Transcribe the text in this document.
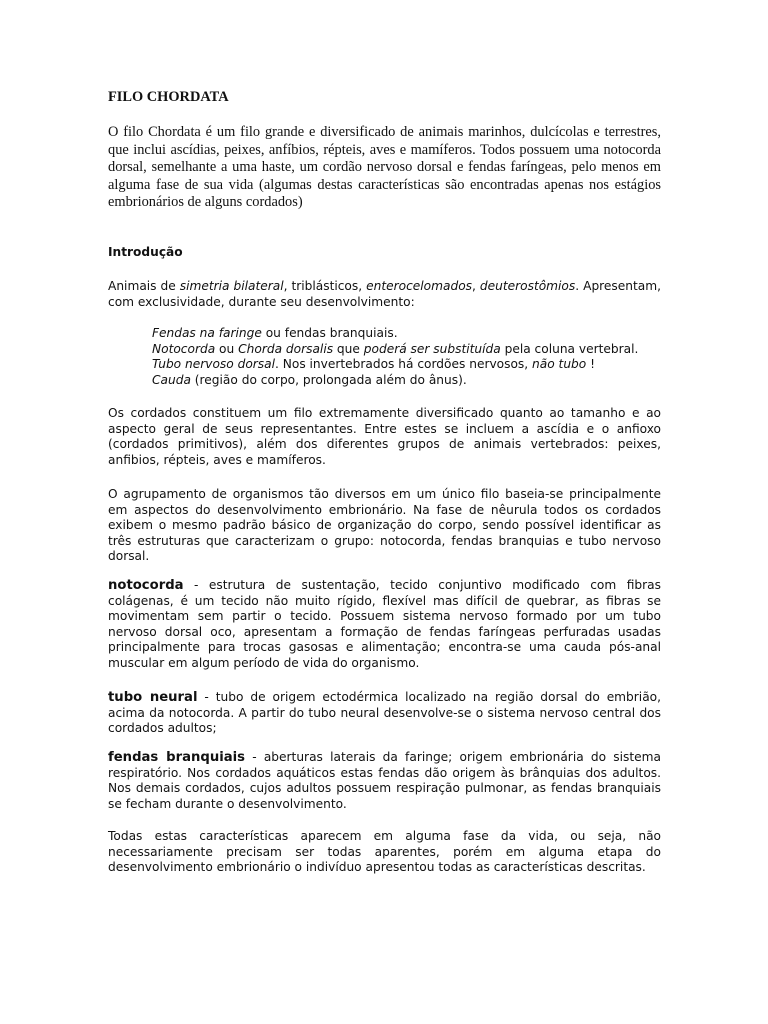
FILO CHORDATA

O filo Chordata é um filo grande e diversificado de animais marinhos, dulcícolas e terrestres, que inclui ascídias, peixes, anfíbios, répteis, aves e mamíferos. Todos possuem uma notocorda dorsal, semelhante a uma haste, um cordão nervoso dorsal e fendas faríngeas, pelo menos em alguma fase de sua vida (algumas destas características são encontradas apenas nos estágios embrionários de alguns cordados)

Introdução

Animais de simetria bilateral, triblásticos, enterocelomados, deuterostômios. Apresentam, com exclusividade, durante seu desenvolvimento:

Fendas na faringe ou fendas branquiais.
Notocorda ou Chorda dorsalis que poderá ser substituída pela coluna vertebral.
Tubo nervoso dorsal. Nos invertebrados há cordões nervosos, não tubo !
Cauda (região do corpo, prolongada além do ânus).

Os cordados constituem um filo extremamente diversificado quanto ao tamanho e ao aspecto geral de seus representantes. Entre estes se incluem a ascídia e o anfioxo (cordados primitivos), além dos diferentes grupos de animais vertebrados: peixes, anfibios, répteis, aves e mamíferos.

O agrupamento de organismos tão diversos em um único filo baseia-se principalmente em aspectos do desenvolvimento embrionário. Na fase de nêurula todos os cordados exibem o mesmo padrão básico de organização do corpo, sendo possível identificar as três estruturas que caracterizam o grupo: notocorda, fendas branquias e tubo nervoso dorsal.

notocorda - estrutura de sustentação, tecido conjuntivo modificado com fibras colágenas, é um tecido não muito rígido, flexível mas difícil de quebrar, as fibras se movimentam sem partir o tecido. Possuem sistema nervoso formado por um tubo nervoso dorsal oco, apresentam a formação de fendas faríngeas perfuradas usadas principalmente para trocas gasosas e alimentação; encontra-se uma cauda pós-anal muscular em algum período de vida do organismo.

tubo neural - tubo de origem ectodérmica localizado na região dorsal do embrião, acima da notocorda. A partir do tubo neural desenvolve-se o sistema nervoso central dos cordados adultos;

fendas branquiais - aberturas laterais da faringe; origem embrionária do sistema respiratório. Nos cordados aquáticos estas fendas dão origem às brânquias dos adultos. Nos demais cordados, cujos adultos possuem respiração pulmonar, as fendas branquiais se fecham durante o desenvolvimento.

Todas estas características aparecem em alguma fase da vida, ou seja, não necessariamente precisam ser todas aparentes, porém em alguma etapa do desenvolvimento embrionário o indivíduo apresentou todas as características descritas.
